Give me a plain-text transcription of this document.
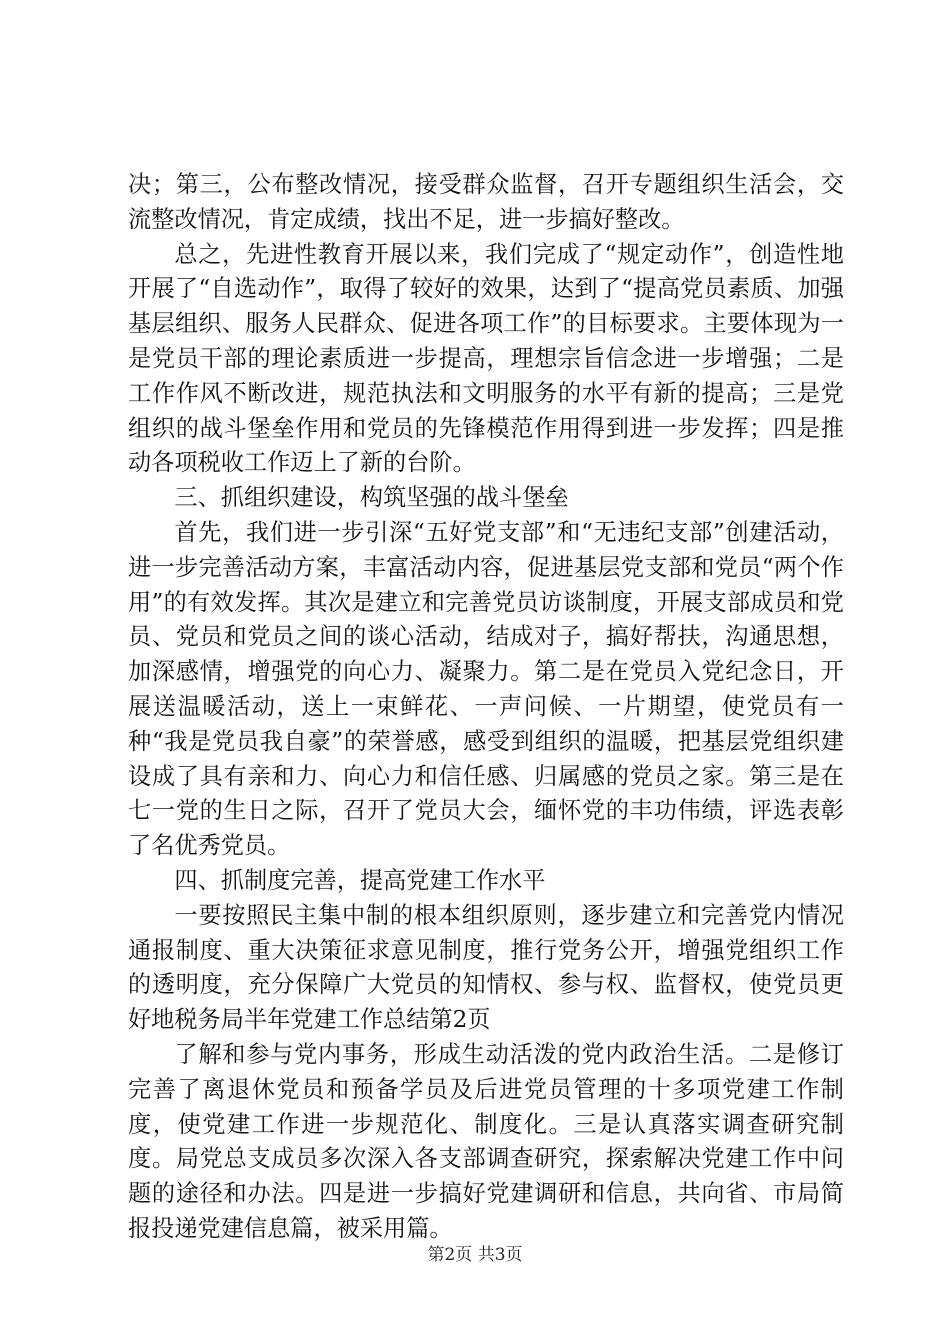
决；第三，公布整改情况，接受群众监督，召开专题组织生活会，交流整改情况，肯定成绩，找出不足，进一步搞好整改。

总之，先进性教育开展以来，我们完成了“规定动作”，创造性地开展了“自选动作”，取得了较好的效果，达到了“提高党员素质、加强基层组织、服务人民群众、促进各项工作”的目标要求。主要体现为一是党员干部的理论素质进一步提高，理想宗旨信念进一步增强；二是工作作风不断改进，规范执法和文明服务的水平有新的提高；三是党组织的战斗堡垒作用和党员的先锋模范作用得到进一步发挥；四是推动各项税收工作迈上了新的台阶。

三、抓组织建设，构筑坚强的战斗堡垒

首先，我们进一步引深“五好党支部”和“无违纪支部”创建活动，进一步完善活动方案，丰富活动内容，促进基层党支部和党员“两个作用”的有效发挥。其次是建立和完善党员访谈制度，开展支部成员和党员、党员和党员之间的谈心活动，结成对子，搞好帮扶，沟通思想，加深感情，增强党的向心力、凝聚力。第二是在党员入党纪念日，开展送温暖活动，送上一束鲜花、一声问候、一片期望，使党员有一种“我是党员我自豪”的荣誉感，感受到组织的温暖，把基层党组织建设成了具有亲和力、向心力和信任感、归属感的党员之家。第三是在七一党的生日之际，召开了党员大会，缅怀党的丰功伟绩，评选表彰了名优秀党员。

四、抓制度完善，提高党建工作水平

一要按照民主集中制的根本组织原则，逐步建立和完善党内情况通报制度、重大决策征求意见制度，推行党务公开，增强党组织工作的透明度，充分保障广大党员的知情权、参与权、监督权，使党员更好地税务局半年党建工作总结第2页

了解和参与党内事务，形成生动活泼的党内政治生活。二是修订完善了离退休党员和预备学员及后进党员管理的十多项党建工作制度，使党建工作进一步规范化、制度化。三是认真落实调查研究制度。局党总支成员多次深入各支部调查研究，探索解决党建工作中问题的途径和办法。四是进一步搞好党建调研和信息，共向省、市局简报投递党建信息篇，被采用篇。

第2页 共3页
